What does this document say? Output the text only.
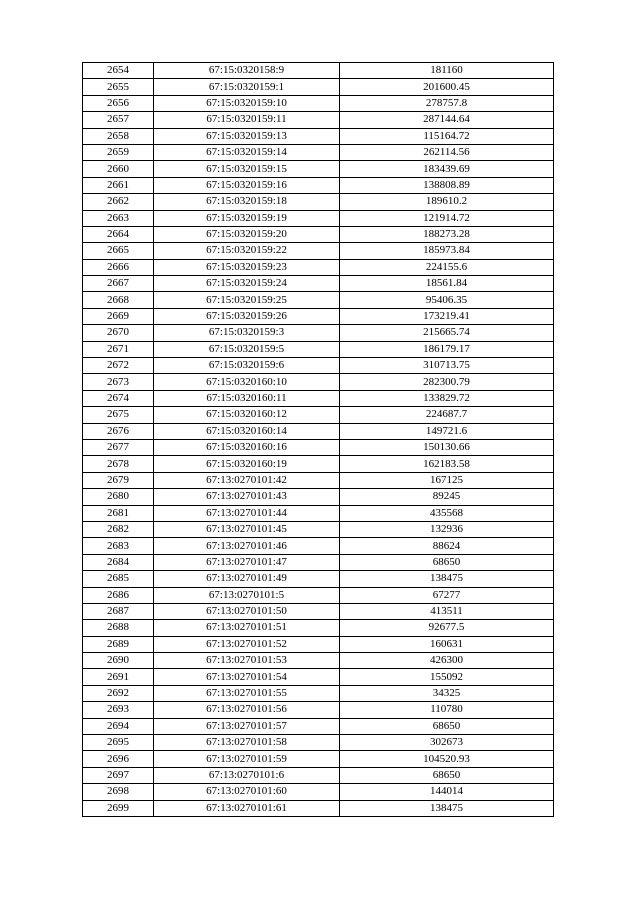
2654	67:15:0320158:9	181160
2655	67:15:0320159:1	201600.45
2656	67:15:0320159:10	278757.8
2657	67:15:0320159:11	287144.64
2658	67:15:0320159:13	115164.72
2659	67:15:0320159:14	262114.56
2660	67:15:0320159:15	183439.69
2661	67:15:0320159:16	138808.89
2662	67:15:0320159:18	189610.2
2663	67:15:0320159:19	121914.72
2664	67:15:0320159:20	188273.28
2665	67:15:0320159:22	185973.84
2666	67:15:0320159:23	224155.6
2667	67:15:0320159:24	18561.84
2668	67:15:0320159:25	95406.35
2669	67:15:0320159:26	173219.41
2670	67:15:0320159:3	215665.74
2671	67:15:0320159:5	186179.17
2672	67:15:0320159:6	310713.75
2673	67:15:0320160:10	282300.79
2674	67:15:0320160:11	133829.72
2675	67:15:0320160:12	224687.7
2676	67:15:0320160:14	149721.6
2677	67:15:0320160:16	150130.66
2678	67:15:0320160:19	162183.58
2679	67:13:0270101:42	167125
2680	67:13:0270101:43	89245
2681	67:13:0270101:44	435568
2682	67:13:0270101:45	132936
2683	67:13:0270101:46	88624
2684	67:13:0270101:47	68650
2685	67:13:0270101:49	138475
2686	67:13:0270101:5	67277
2687	67:13:0270101:50	413511
2688	67:13:0270101:51	92677.5
2689	67:13:0270101:52	160631
2690	67:13:0270101:53	426300
2691	67:13:0270101:54	155092
2692	67:13:0270101:55	34325
2693	67:13:0270101:56	110780
2694	67:13:0270101:57	68650
2695	67:13:0270101:58	302673
2696	67:13:0270101:59	104520.93
2697	67:13:0270101:6	68650
2698	67:13:0270101:60	144014
2699	67:13:0270101:61	138475
